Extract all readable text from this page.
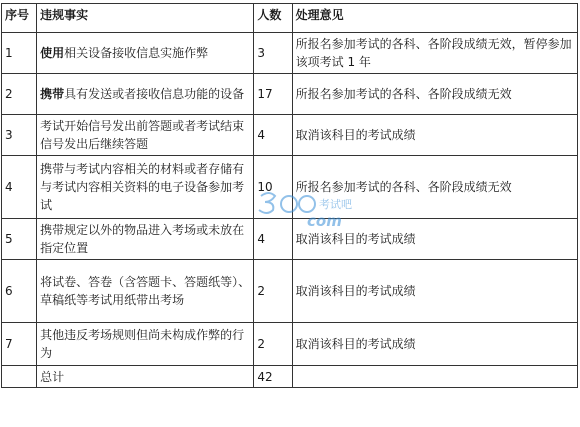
序号	违规事实	人数	处理意见
1	使用相关设备接收信息实施作弊	3	所报名参加考试的各科、各阶段成绩无效，暂停参加该项考试 1 年
2	携带具有发送或者接收信息功能的设备	17	所报名参加考试的各科、各阶段成绩无效
3	考试开始信号发出前答题或者考试结束信号发出后继续答题	4	取消该科目的考试成绩
4	携带与考试内容相关的材料或者存储有与考试内容相关资料的电子设备参加考试	10	所报名参加考试的各科、各阶段成绩无效
5	携带规定以外的物品进入考场或未放在指定位置	4	取消该科目的考试成绩
6	将试卷、答卷（含答题卡、答题纸等）、草稿纸等考试用纸带出考场	2	取消该科目的考试成绩
7	其他违反考场规则但尚未构成作弊的行为	2	取消该科目的考试成绩
	总计	42	
考试吧
com
